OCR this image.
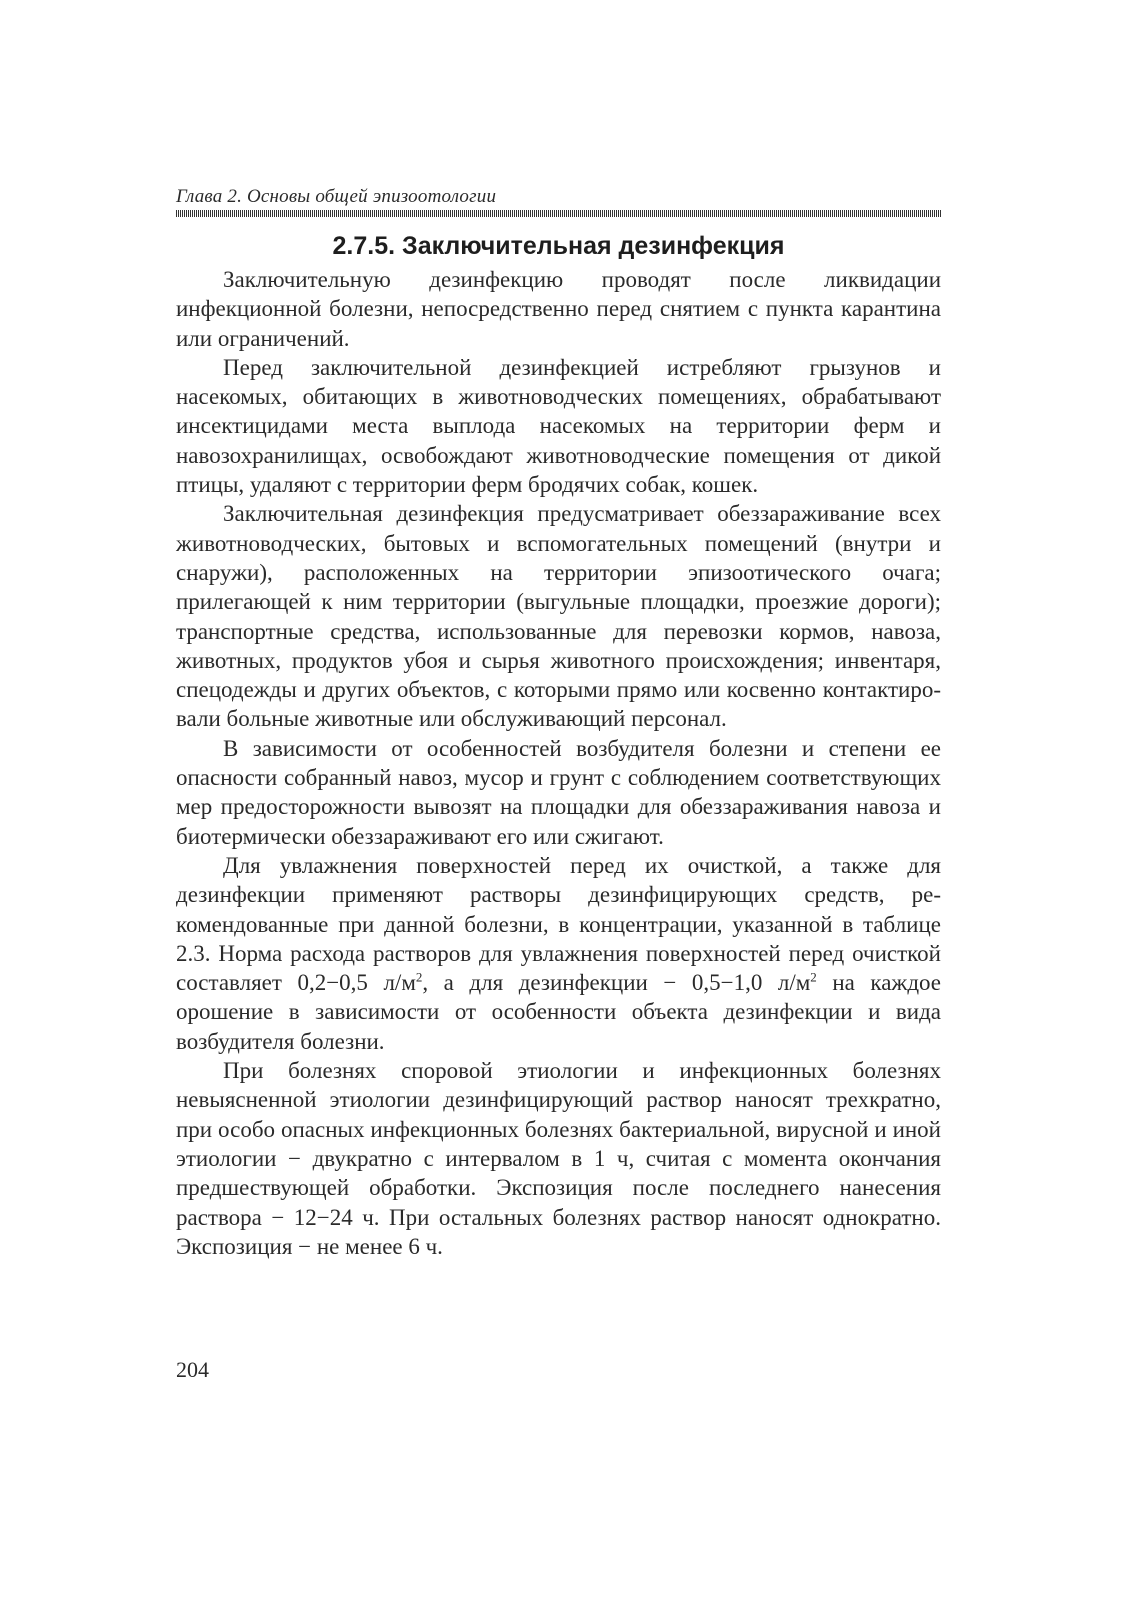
Глава 2. Основы общей эпизоотологии

2.7.5. Заключительная дезинфекция

Заключительную дезинфекцию проводят после ликвидации инфекционной болезни, непосредственно перед снятием с пункта карантина или ограничений.

Перед заключительной дезинфекцией истребляют грызунов и насекомых, обитающих в животноводческих помещениях, обрабатывают инсектицидами места выплода насекомых на территории ферм и навозохранилищах, освобождают животноводческие помещения от дикой птицы, удаляют с территории ферм бродячих собак, кошек.

Заключительная дезинфекция предусматривает обеззараживание всех животноводческих, бытовых и вспомогательных помещений (внутри и снаружи), расположенных на территории эпизоотического очага; прилегающей к ним территории (выгульные площадки, проезжие дороги); транспортные средства, использованные для перевозки кормов, навоза, животных, продуктов убоя и сырья животного происхождения; инвентаря, спецодежды и других объектов, с которыми прямо или косвенно контактировали больные животные или обслуживающий персонал.

В зависимости от особенностей возбудителя болезни и степени ее опасности собранный навоз, мусор и грунт с соблюдением соответствующих мер предосторожности вывозят на площадки для обеззараживания навоза и биотермически обеззараживают его или сжигают.

Для увлажнения поверхностей перед их очисткой, а также для дезинфекции применяют растворы дезинфицирующих средств, рекомендованные при данной болезни, в концентрации, указанной в таблице 2.3. Норма расхода растворов для увлажнения поверхностей перед очисткой составляет 0,2−0,5 $л/м^2$, а для дезинфекции − 0,5−1,0 $л/м^2$ на каждое орошение в зависимости от особенности объекта дезинфекции и вида возбудителя болезни.

При болезнях споровой этиологии и инфекционных болезнях невыясненной этиологии дезинфицирующий раствор наносят трехкратно, при особо опасных инфекционных болезнях бактериальной, вирусной и иной этиологии − двукратно с интервалом в 1 ч, считая с момента окончания предшествующей обработки. Экспозиция после последнего нанесения раствора − 12−24 ч. При остальных болезнях раствор наносят однократно. Экспозиция − не менее 6 ч.

204
